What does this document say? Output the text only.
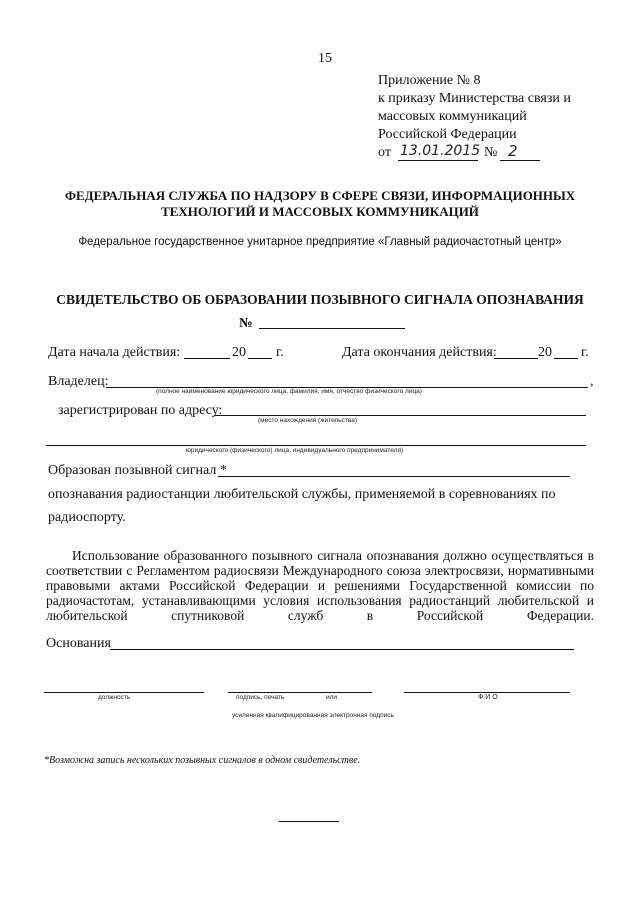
15
Приложение № 8
к приказу Министерства связи и
массовых коммуникаций
Российской Федерации
от 13.01.2015 № 2
ФЕДЕРАЛЬНАЯ СЛУЖБА ПО НАДЗОРУ В СФЕРЕ СВЯЗИ, ИНФОРМАЦИОННЫХ
ТЕХНОЛОГИЙ И МАССОВЫХ КОММУНИКАЦИЙ
Федеральное государственное унитарное предприятие «Главный радиочастотный центр»
СВИДЕТЕЛЬСТВО ОБ ОБРАЗОВАНИИ ПОЗЫВНОГО СИГНАЛА ОПОЗНАВАНИЯ
№
Дата начала действия:	20 г.	Дата окончания действия:	20 г.
Владелец:	,
(полное наименование юридического лица, фамилия, имя, отчество физического лица)
зарегистрирован по адресу:
(место нахождения (жительства)
юридического (физического) лица, индивидуального предпринимателя)
Образован позывной сигнал *
опознавания радиостанции любительской службы, применяемой в соревнованиях по
радиоспорту.
Использование образованного позывного сигнала опознавания должно осуществляться в соответствии с Регламентом радиосвязи Международного союза электросвязи, нормативными правовыми актами Российской Федерации и решениями Государственной комиссии по радиочастотам, устанавливающими условия использования радиостанций любительской и любительской спутниковой служб в Российской Федерации.
Основания
должность	подпись, печать	или
усиленная квалифицированная электронная подпись
Ф И О
*Возможна запись нескольких позывных сигналов в одном свидетельстве.
